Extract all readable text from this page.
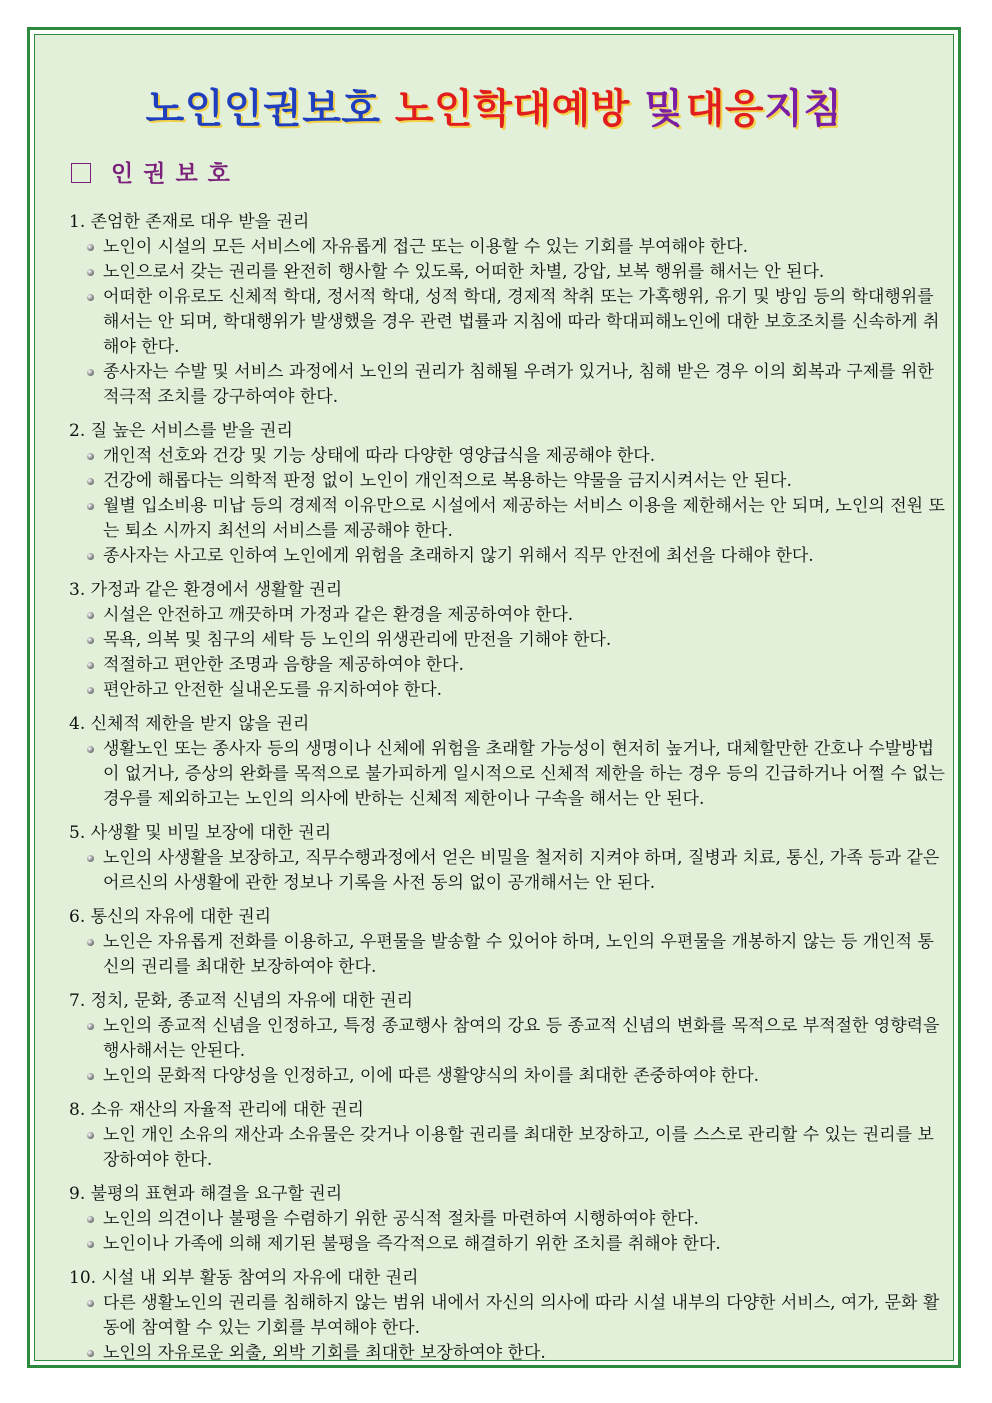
노인인권보호 노인학대예방 및 대응지침
인권보호
1. 존엄한 존재로 대우 받을 권리
노인이 시설의 모든 서비스에 자유롭게 접근 또는 이용할 수 있는 기회를 부여해야 한다.
노인으로서 갖는 권리를 완전히 행사할 수 있도록, 어떠한 차별, 강압, 보복 행위를 해서는 안 된다.
어떠한 이유로도 신체적 학대, 정서적 학대, 성적 학대, 경제적 착취 또는 가혹행위, 유기 및 방임 등의 학대행위를 해서는 안 되며, 학대행위가 발생했을 경우 관련 법률과 지침에 따라 학대피해노인에 대한 보호조치를 신속하게 취해야 한다.
종사자는 수발 및 서비스 과정에서 노인의 권리가 침해될 우려가 있거나, 침해 받은 경우 이의 회복과 구제를 위한 적극적 조치를 강구하여야 한다.
2. 질 높은 서비스를 받을 권리
개인적 선호와 건강 및 기능 상태에 따라 다양한 영양급식을 제공해야 한다.
건강에 해롭다는 의학적 판정 없이 노인이 개인적으로 복용하는 약물을 금지시켜서는 안 된다.
월별 입소비용 미납 등의 경제적 이유만으로 시설에서 제공하는 서비스 이용을 제한해서는 안 되며, 노인의 전원 또는 퇴소 시까지 최선의 서비스를 제공해야 한다.
종사자는 사고로 인하여 노인에게 위험을 초래하지 않기 위해서 직무 안전에 최선을 다해야 한다.
3. 가정과 같은 환경에서 생활할 권리
시설은 안전하고 깨끗하며 가정과 같은 환경을 제공하여야 한다.
목욕, 의복 및 침구의 세탁 등 노인의 위생관리에 만전을 기해야 한다.
적절하고 편안한 조명과 음향을 제공하여야 한다.
편안하고 안전한 실내온도를 유지하여야 한다.
4. 신체적 제한을 받지 않을 권리
생활노인 또는 종사자 등의 생명이나 신체에 위험을 초래할 가능성이 현저히 높거나, 대체할만한 간호나 수발방법이 없거나, 증상의 완화를 목적으로 불가피하게 일시적으로 신체적 제한을 하는 경우 등의 긴급하거나 어쩔 수 없는 경우를 제외하고는 노인의 의사에 반하는 신체적 제한이나 구속을 해서는 안 된다.
5. 사생활 및 비밀 보장에 대한 권리
노인의 사생활을 보장하고, 직무수행과정에서 얻은 비밀을 철저히 지켜야 하며, 질병과 치료, 통신, 가족 등과 같은 어르신의 사생활에 관한 정보나 기록을 사전 동의 없이 공개해서는 안 된다.
6. 통신의 자유에 대한 권리
노인은 자유롭게 전화를 이용하고, 우편물을 발송할 수 있어야 하며, 노인의 우편물을 개봉하지 않는 등 개인적 통신의 권리를 최대한 보장하여야 한다.
7. 정치, 문화, 종교적 신념의 자유에 대한 권리
노인의 종교적 신념을 인정하고, 특정 종교행사 참여의 강요 등 종교적 신념의 변화를 목적으로 부적절한 영향력을 행사해서는 안된다.
노인의 문화적 다양성을 인정하고, 이에 따른 생활양식의 차이를 최대한 존중하여야 한다.
8. 소유 재산의 자율적 관리에 대한 권리
노인 개인 소유의 재산과 소유물은 갖거나 이용할 권리를 최대한 보장하고, 이를 스스로 관리할 수 있는 권리를 보장하여야 한다.
9. 불평의 표현과 해결을 요구할 권리
노인의 의견이나 불평을 수렴하기 위한 공식적 절차를 마련하여 시행하여야 한다.
노인이나 가족에 의해 제기된 불평을 즉각적으로 해결하기 위한 조치를 취해야 한다.
10. 시설 내 외부 활동 참여의 자유에 대한 권리
다른 생활노인의 권리를 침해하지 않는 범위 내에서 자신의 의사에 따라 시설 내부의 다양한 서비스, 여가, 문화 활동에 참여할 수 있는 기회를 부여해야 한다.
노인의 자유로운 외출, 외박 기회를 최대한 보장하여야 한다.
